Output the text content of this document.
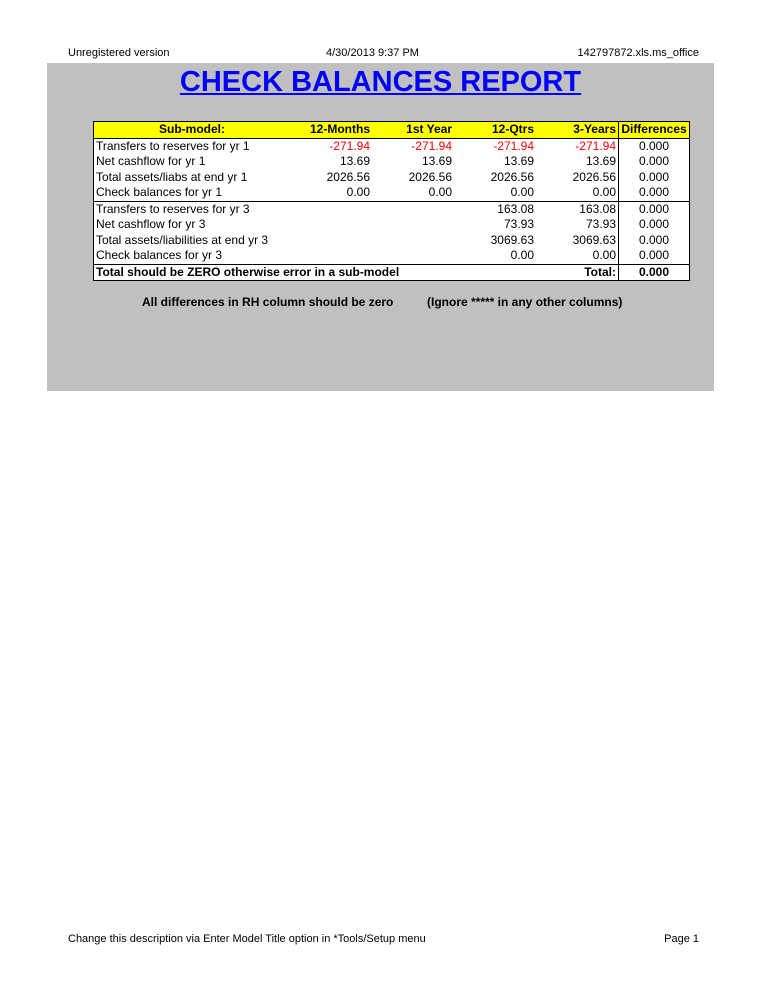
Unregistered version	4/30/2013 9:37 PM	142797872.xls.ms_office
CHECK BALANCES REPORT
Sub-model:	12-Months	1st Year	12-Qtrs	3-Years	Differences
Transfers to reserves for yr 1	-271.94	-271.94	-271.94	-271.94	0.000
Net cashflow for yr 1	13.69	13.69	13.69	13.69	0.000
Total assets/liabs at end yr 1	2026.56	2026.56	2026.56	2026.56	0.000
Check balances for yr 1	0.00	0.00	0.00	0.00	0.000
Transfers to reserves for yr 3			163.08	163.08	0.000
Net cashflow for yr 3			73.93	73.93	0.000
Total assets/liabilities at end yr 3			3069.63	3069.63	0.000
Check balances for yr 3			0.00	0.00	0.000
Total should be ZERO otherwise error in a sub-model				Total:	0.000
All differences in RH column should be zero	(Ignore ***** in any other columns)
Change this description via Enter Model Title option in *Tools/Setup menu	Page 1
